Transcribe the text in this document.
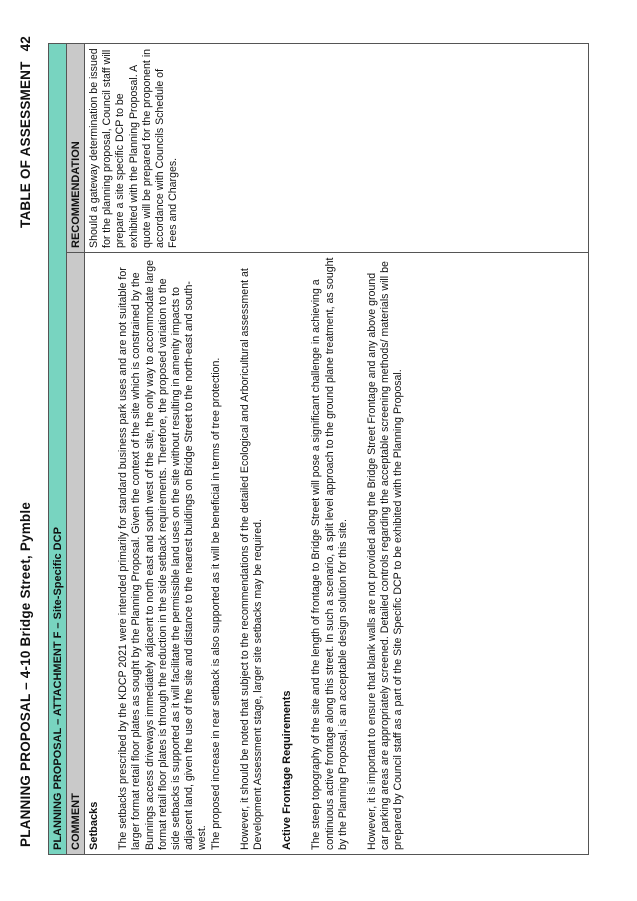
PLANNING PROPOSAL – 4-10 Bridge Street, Pymble
TABLE OF ASSESSMENT42
PLANNING PROPOSAL – ATTACHMENT F – Site-Specific DCP COMMENT Setbacks The setbacks prescribed by the KDCP 2021 were intended primarily for standard business park uses and are not suitable for larger format retail floor plates as sought by the Planning Proposal. Given the context of the site which is constrained by the Bunnings access driveways immediately adjacent to north east and south west of the site, the only way to accommodate large format retail floor plates is through the reduction in the side setback requirements. Therefore, the proposed variation to the side setbacks is supported as it will facilitate the permissible land uses on the site without resulting in amenity impacts to adjacent land, given the use of the site and distance to the nearest buildings on Bridge Street to the north-east and south-west. The proposed increase in rear setback is also supported as it will be beneficial in terms of tree protection. However, it should be noted that subject to the recommendations of the detailed Ecological and Arboricultural assessment at Development Assessment stage, larger site setbacks may be required. Active Frontage Requirements The steep topography of the site and the length of frontage to Bridge Street will pose a significant challenge in achieving a continuous active frontage along this street. In such a scenario, a split level approach to the ground plane treatment, as sought by the Planning Proposal, is an acceptable design solution for this site. However, it is important to ensure that blank walls are not provided along the Bridge Street Frontage and any above ground car parking areas are appropriately screened. Detailed controls regarding the acceptable screening methods/ materials will be prepared by Council staff as a part of the Site Specific DCP to be exhibited with the Planning Proposal.

RECOMMENDATION Should a gateway determination be issued for the planning proposal, Council staff will prepare a site specific DCP to be exhibited with the Planning Proposal. A quote will be prepared for the proponent in accordance with Councils Schedule of Fees and Charges.
